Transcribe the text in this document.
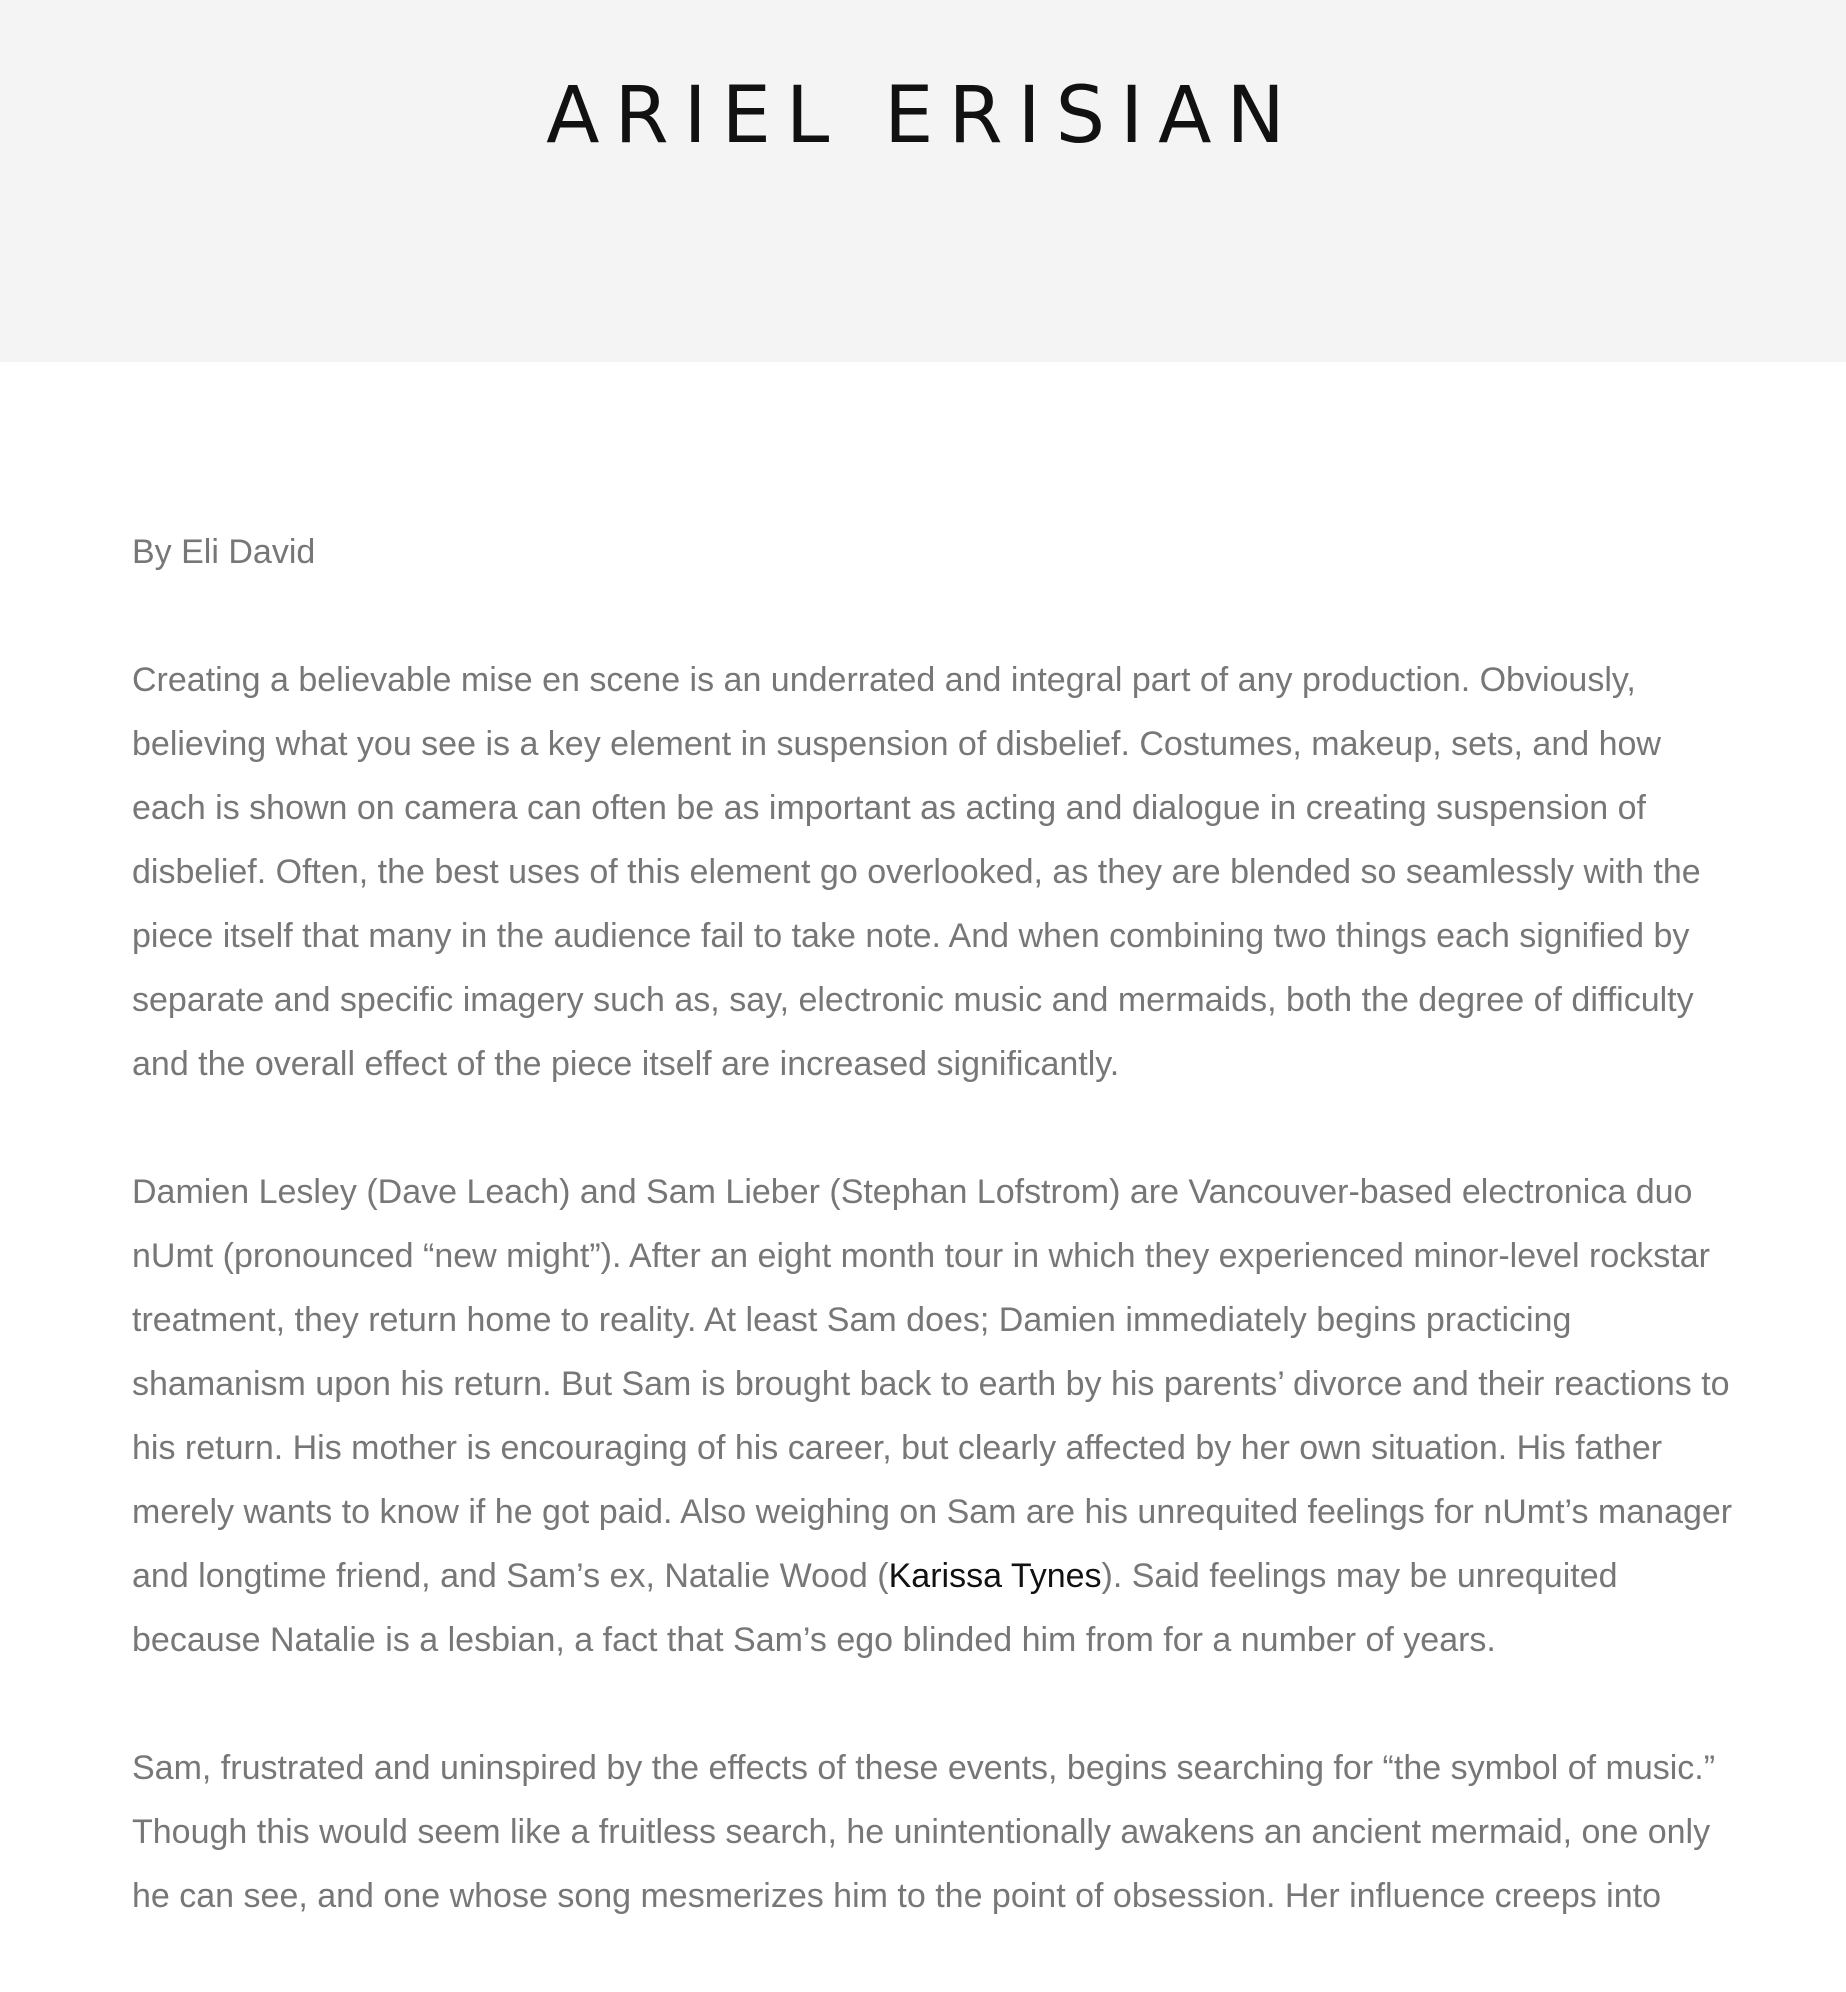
ARIEL ERISIAN

By Eli David

Creating a believable mise en scene is an underrated and integral part of any production. Obviously, believing what you see is a key element in suspension of disbelief. Costumes, makeup, sets, and how each is shown on camera can often be as important as acting and dialogue in creating suspension of disbelief. Often, the best uses of this element go overlooked, as they are blended so seamlessly with the piece itself that many in the audience fail to take note. And when combining two things each signified by separate and specific imagery such as, say, electronic music and mermaids, both the degree of difficulty and the overall effect of the piece itself are increased significantly.

Damien Lesley (Dave Leach) and Sam Lieber (Stephan Lofstrom) are Vancouver-based electronica duo nUmt (pronounced “new might”). After an eight month tour in which they experienced minor-level rockstar treatment, they return home to reality. At least Sam does; Damien immediately begins practicing shamanism upon his return. But Sam is brought back to earth by his parents’ divorce and their reactions to his return. His mother is encouraging of his career, but clearly affected by her own situation. His father merely wants to know if he got paid. Also weighing on Sam are his unrequited feelings for nUmt’s manager and longtime friend, and Sam’s ex, Natalie Wood (Karissa Tynes). Said feelings may be unrequited because Natalie is a lesbian, a fact that Sam’s ego blinded him from for a number of years.

Sam, frustrated and uninspired by the effects of these events, begins searching for “the symbol of music.” Though this would seem like a fruitless search, he unintentionally awakens an ancient mermaid, one only he can see, and one whose song mesmerizes him to the point of obsession. Her influence creeps into
